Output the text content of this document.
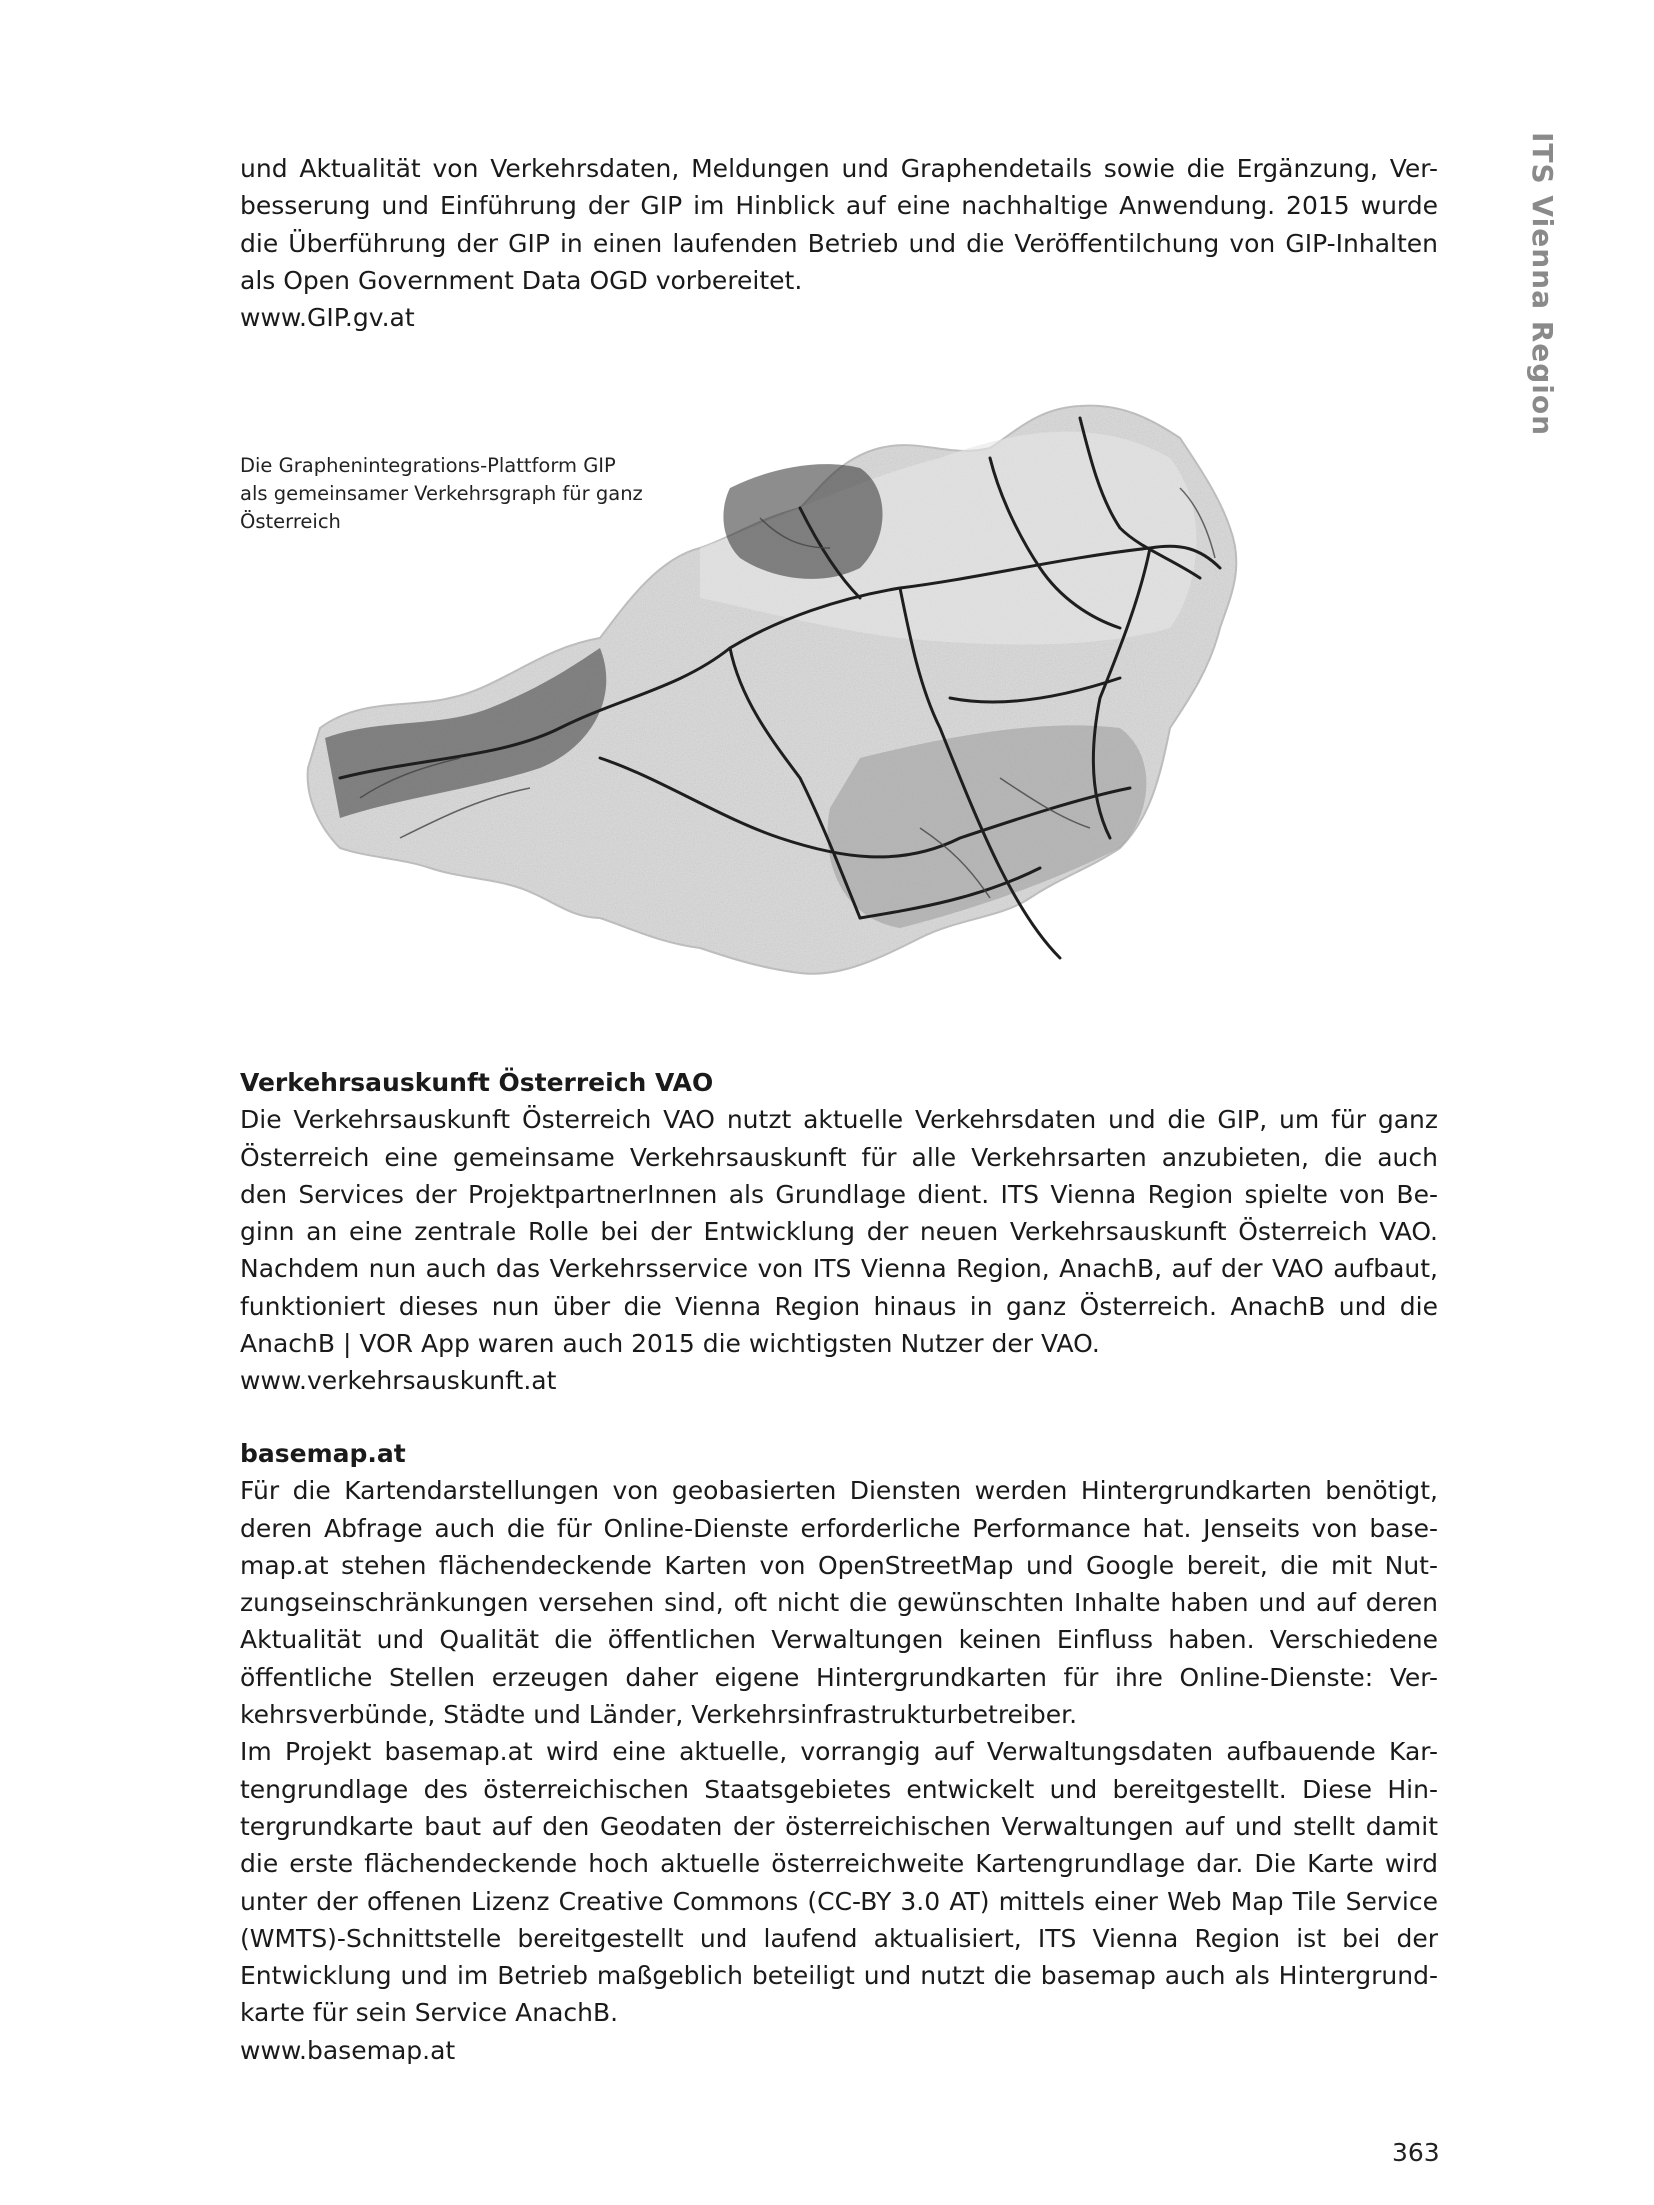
ITS Vienna Region
und Aktualität von Verkehrsdaten, Meldungen und Graphendetails sowie die Ergänzung, Ver-
besserung und Einführung der GIP im Hinblick auf eine nachhaltige Anwendung. 2015 wurde
die Überführung der GIP in einen laufenden Betrieb und die Veröffentilchung von GIP-Inhalten
als Open Government Data OGD vorbereitet.
www.GIP.gv.at
Die Graphenintegrations-Plattform GIP
als gemeinsamer Verkehrsgraph für ganz
Österreich
Verkehrsauskunft Österreich VAO
Die Verkehrsauskunft Österreich VAO nutzt aktuelle Verkehrsdaten und die GIP, um für ganz
Österreich eine gemeinsame Verkehrsauskunft für alle Verkehrsarten anzubieten, die auch
den Services der ProjektpartnerInnen als Grundlage dient. ITS Vienna Region spielte von Be-
ginn an eine zentrale Rolle bei der Entwicklung der neuen Verkehrsauskunft Österreich VAO.
Nachdem nun auch das Verkehrsservice von ITS Vienna Region, AnachB, auf der VAO aufbaut,
funktioniert dieses nun über die Vienna Region hinaus in ganz Österreich. AnachB und die
AnachB | VOR App waren auch 2015 die wichtigsten Nutzer der VAO.
www.verkehrsauskunft.at
basemap.at
Für die Kartendarstellungen von geobasierten Diensten werden Hintergrundkarten benötigt,
deren Abfrage auch die für Online-Dienste erforderliche Performance hat. Jenseits von base-
map.at stehen flächendeckende Karten von OpenStreetMap und Google bereit, die mit Nut-
zungseinschränkungen versehen sind, oft nicht die gewünschten Inhalte haben und auf deren
Aktualität und Qualität die öffentlichen Verwaltungen keinen Einfluss haben. Verschiedene
öffentliche Stellen erzeugen daher eigene Hintergrundkarten für ihre Online-Dienste: Ver-
kehrsverbünde, Städte und Länder, Verkehrsinfrastrukturbetreiber.
Im Projekt basemap.at wird eine aktuelle, vorrangig auf Verwaltungsdaten aufbauende Kar-
tengrundlage des österreichischen Staatsgebietes entwickelt und bereitgestellt. Diese Hin-
tergrundkarte baut auf den Geodaten der österreichischen Verwaltungen auf und stellt damit
die erste flächendeckende hoch aktuelle österreichweite Kartengrundlage dar. Die Karte wird
unter der offenen Lizenz Creative Commons (CC-BY 3.0 AT) mittels einer Web Map Tile Service
(WMTS)-Schnittstelle bereitgestellt und laufend aktualisiert, ITS Vienna Region ist bei der
Entwicklung und im Betrieb maßgeblich beteiligt und nutzt die basemap auch als Hintergrund-
karte für sein Service AnachB.
www.basemap.at
363
